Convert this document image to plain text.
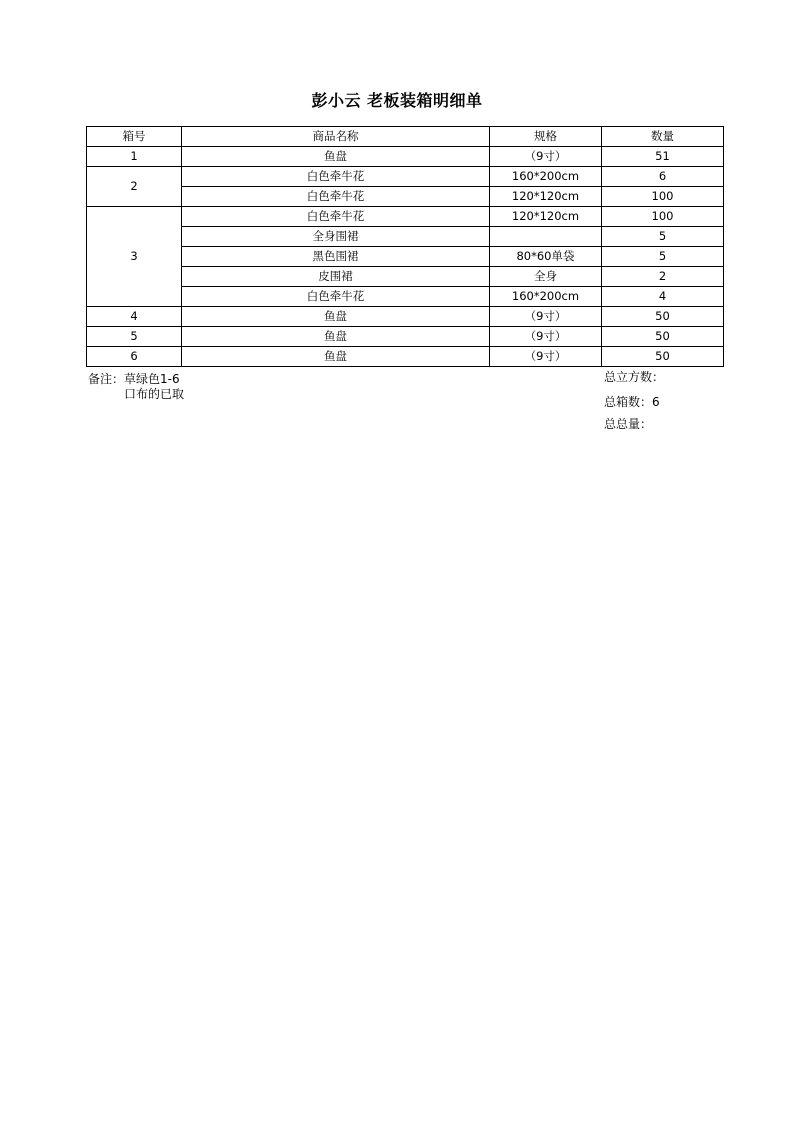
彭小云 老板装箱明细单
箱号	商品名称	规格	数量
1	鱼盘	（9寸）	51
2	白色牵牛花	160*200cm	6
	白色牵牛花	120*120cm	100
3	白色牵牛花	120*120cm	100
	全身围裙		5
	黑色围裙	80*60单袋	5
	皮围裙	全身	2
	白色牵牛花	160*200cm	4
4	鱼盘	（9寸）	50
5	鱼盘	（9寸）	50
6	鱼盘	（9寸）	50
备注：草绿色1-6
口布的已取
总立方数：
总箱数：6
总总量：
